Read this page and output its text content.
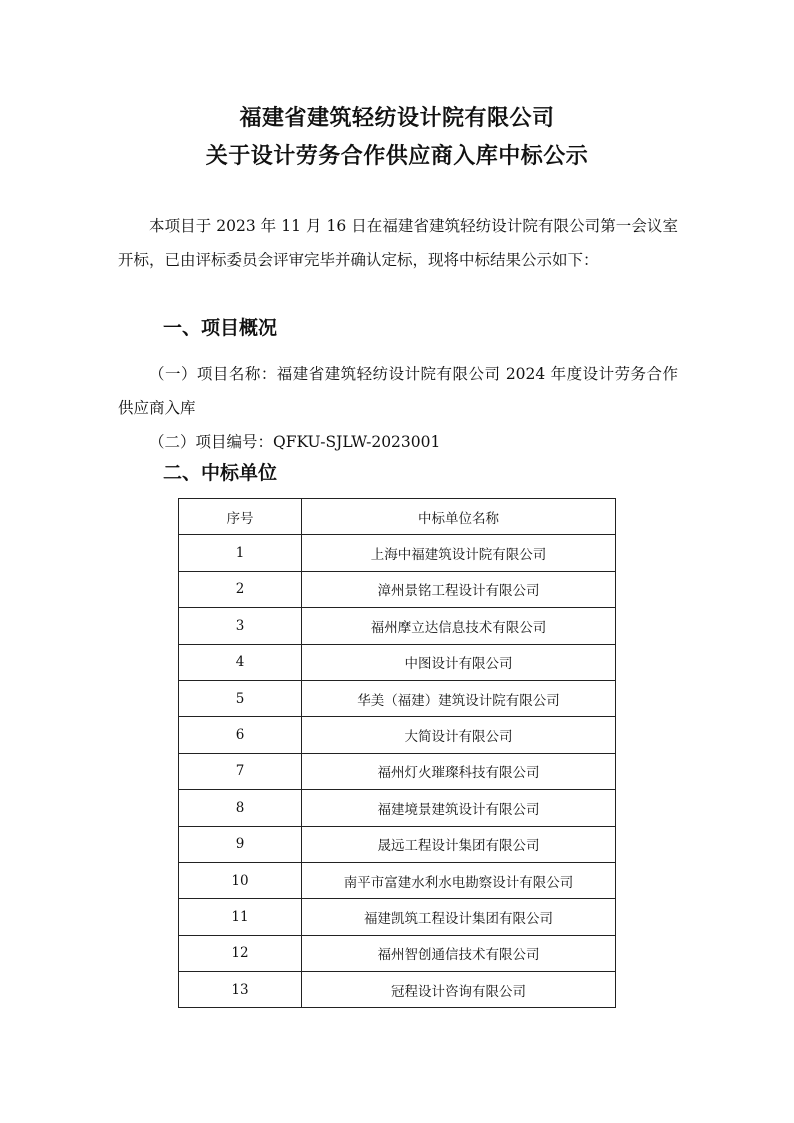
福建省建筑轻纺设计院有限公司
关于设计劳务合作供应商入库中标公示

本项目于 2023 年 11 月 16 日在福建省建筑轻纺设计院有限公司第一会议室开标，已由评标委员会评审完毕并确认定标，现将中标结果公示如下：

一、项目概况

（一）项目名称：福建省建筑轻纺设计院有限公司 2024 年度设计劳务合作供应商入库

（二）项目编号：QFKU-SJLW-2023001

二、中标单位
序号	中标单位名称
1	上海中福建筑设计院有限公司
2	漳州景铭工程设计有限公司
3	福州摩立达信息技术有限公司
4	中图设计有限公司
5	华美（福建）建筑设计院有限公司
6	大简设计有限公司
7	福州灯火璀璨科技有限公司
8	福建境景建筑设计有限公司
9	晟远工程设计集团有限公司
10	南平市富建水利水电勘察设计有限公司
11	福建凯筑工程设计集团有限公司
12	福州智创通信技术有限公司
13	冠程设计咨询有限公司
